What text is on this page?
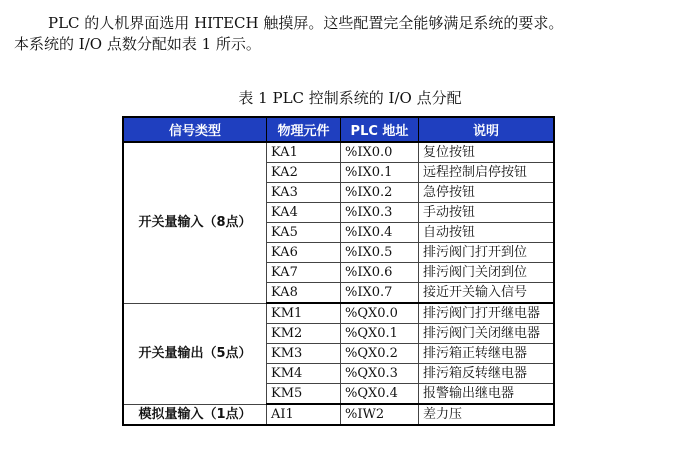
PLC 的人机界面选用 HITECH 触摸屏。这些配置完全能够满足系统的要求。
本系统的 I/O 点数分配如表 1 所示。

表 1 PLC 控制系统的 I/O 点分配

信号类型	物理元件	PLC 地址	说明
开关量输入（8点）	KA1	%IX0.0	复位按钮
	KA2	%IX0.1	远程控制启停按钮
	KA3	%IX0.2	急停按钮
	KA4	%IX0.3	手动按钮
	KA5	%IX0.4	自动按钮
	KA6	%IX0.5	排污阀门打开到位
	KA7	%IX0.6	排污阀门关闭到位
	KA8	%IX0.7	接近开关输入信号
开关量输出（5点）	KM1	%QX0.0	排污阀门打开继电器
	KM2	%QX0.1	排污阀门关闭继电器
	KM3	%QX0.2	排污箱正转继电器
	KM4	%QX0.3	排污箱反转继电器
	KM5	%QX0.4	报警输出继电器
模拟量输入（1点）	AI1	%IW2	差力压
